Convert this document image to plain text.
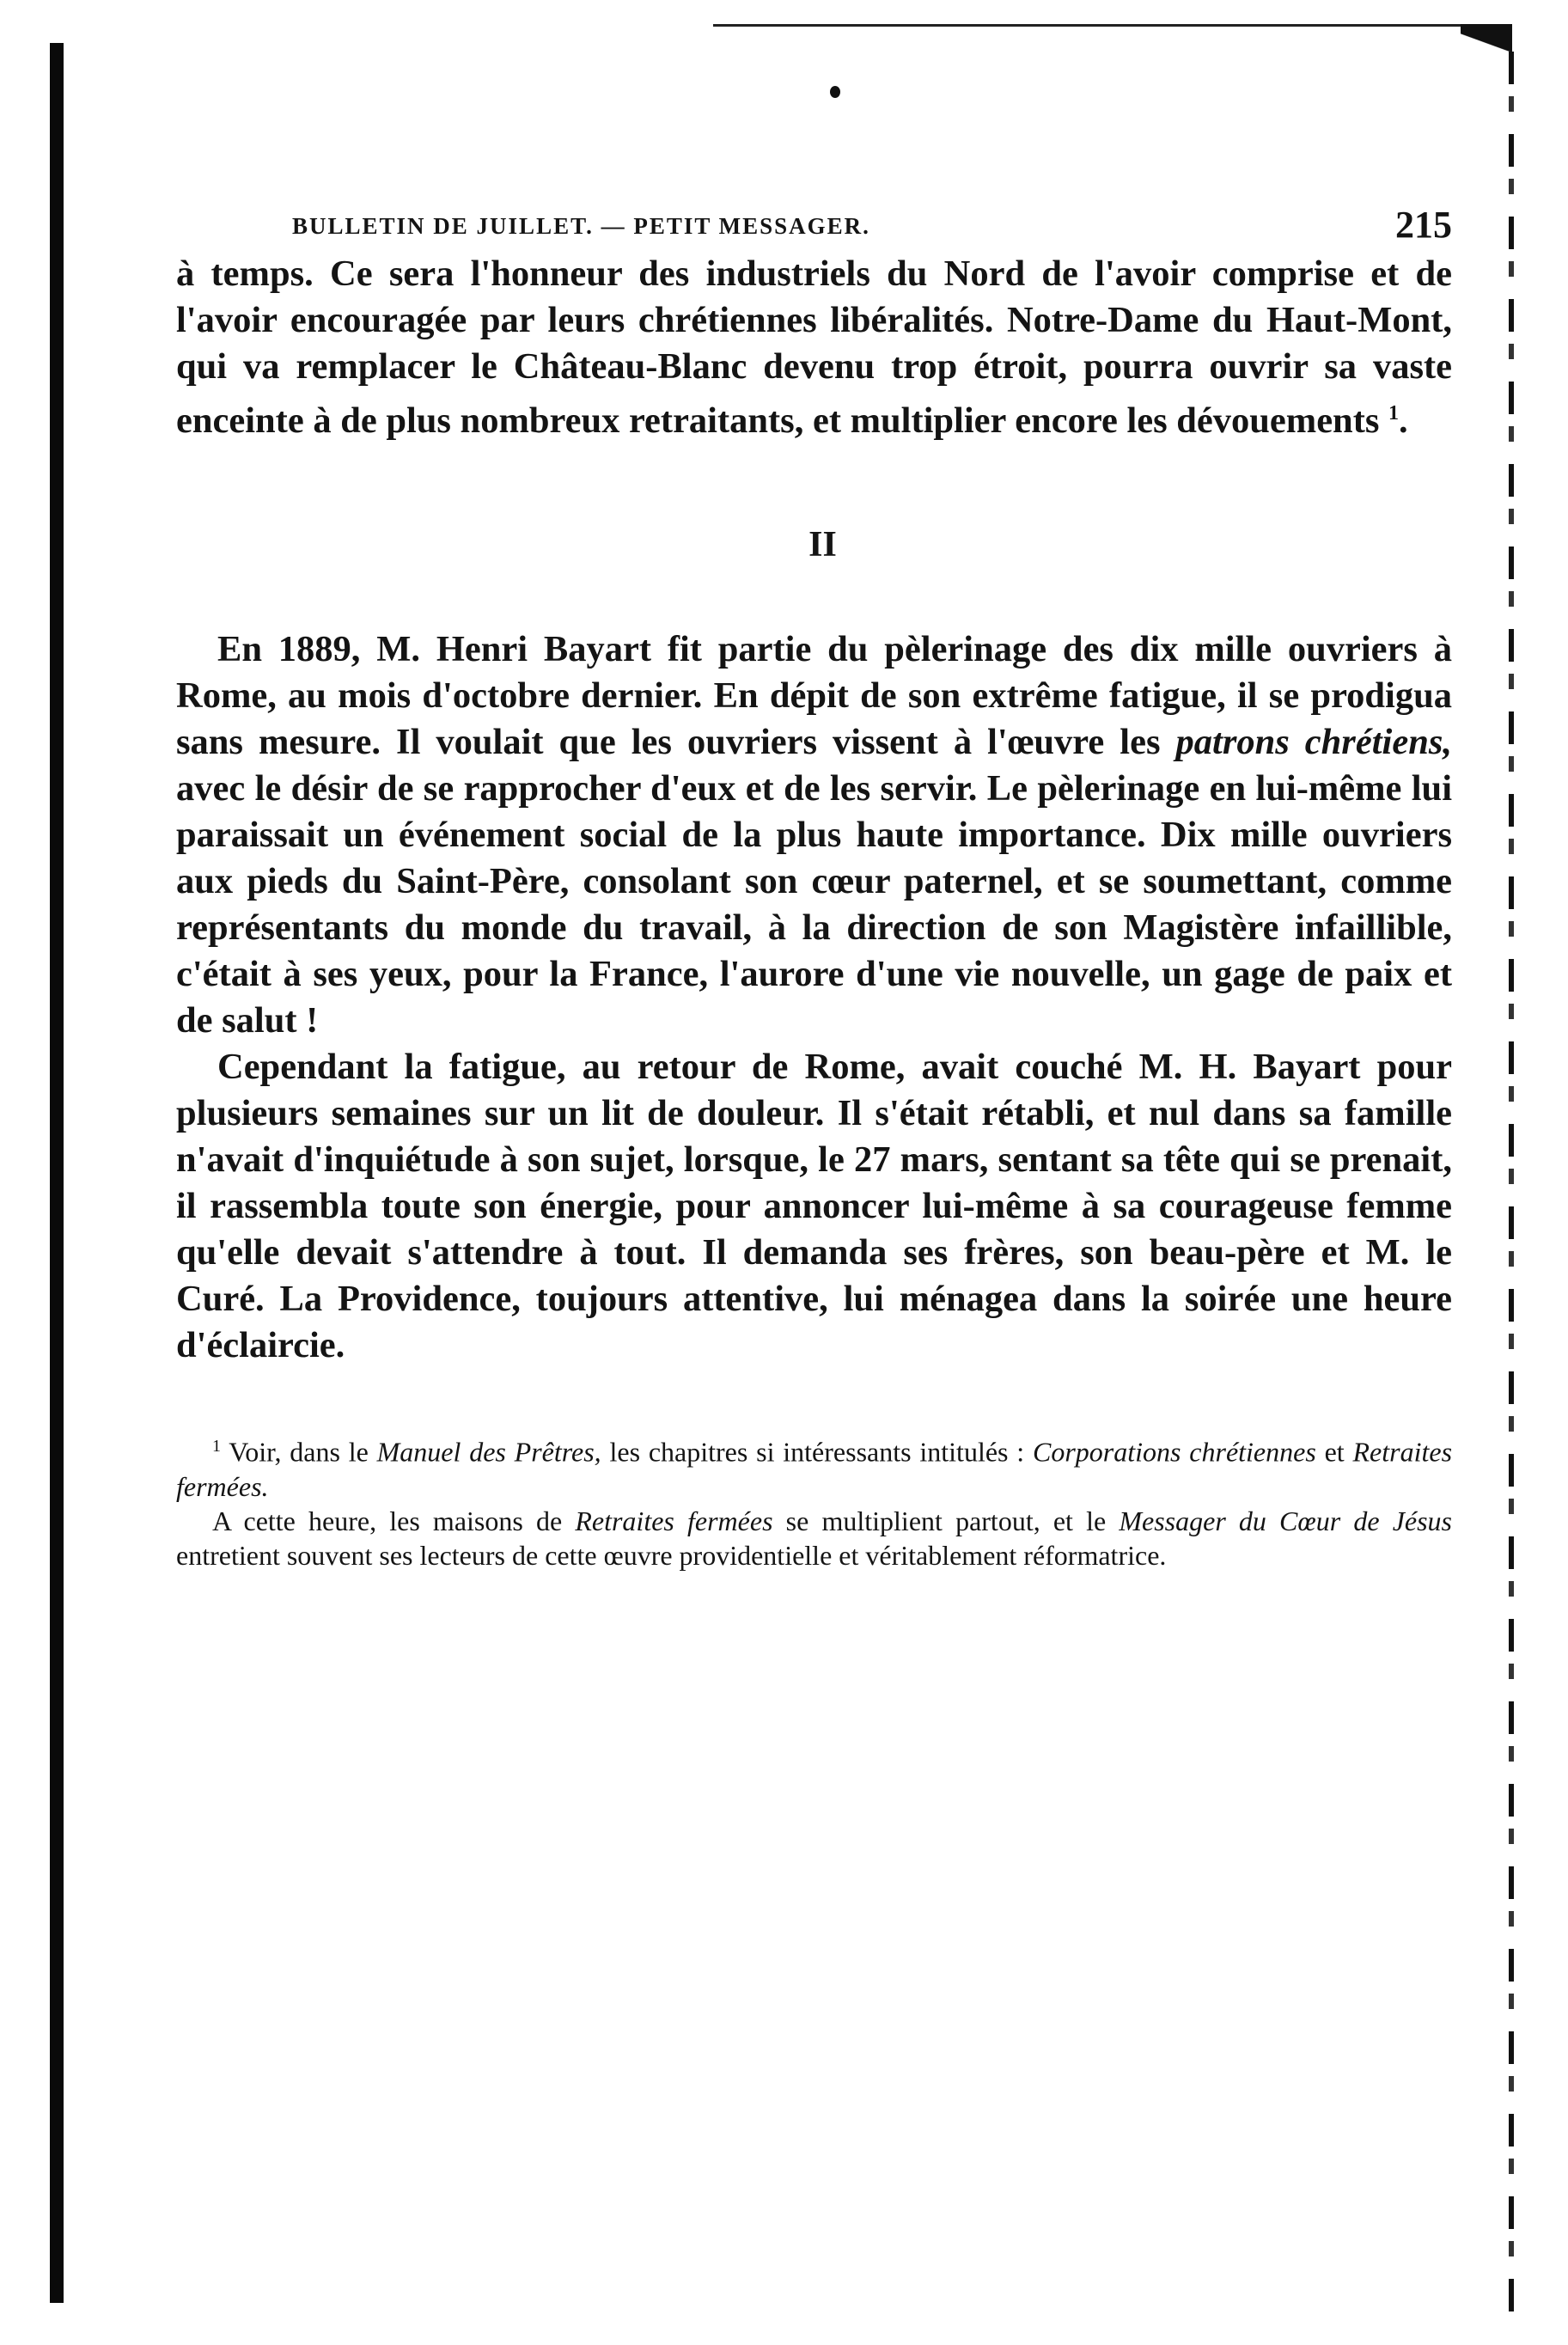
BULLETIN DE JUILLET. — PETIT MESSAGER.	215

à temps. Ce sera l'honneur des industriels du Nord de l'avoir comprise et de l'avoir encouragée par leurs chrétiennes libéralités. Notre-Dame du Haut-Mont, qui va remplacer le Château-Blanc devenu trop étroit, pourra ouvrir sa vaste enceinte à de plus nombreux retraitants, et multiplier encore les dévouements $^1$.

II

En 1889, M. Henri Bayart fit partie du pèlerinage des dix mille ouvriers à Rome, au mois d'octobre dernier. En dépit de son extrême fatigue, il se prodigua sans mesure. Il voulait que les ouvriers vissent à l'œuvre les patrons chrétiens, avec le désir de se rapprocher d'eux et de les servir. Le pèlerinage en lui-même lui paraissait un événement social de la plus haute importance. Dix mille ouvriers aux pieds du Saint-Père, consolant son cœur paternel, et se soumettant, comme représentants du monde du travail, à la direction de son Magistère infaillible, c'était à ses yeux, pour la France, l'aurore d'une vie nouvelle, un gage de paix et de salut !

Cependant la fatigue, au retour de Rome, avait couché M. H. Bayart pour plusieurs semaines sur un lit de douleur. Il s'était rétabli, et nul dans sa famille n'avait d'inquiétude à son sujet, lorsque, le 27 mars, sentant sa tête qui se prenait, il rassembla toute son énergie, pour annoncer lui-même à sa courageuse femme qu'elle devait s'attendre à tout. Il demanda ses frères, son beau-père et M. le Curé. La Providence, toujours attentive, lui ménagea dans la soirée une heure d'éclaircie.

$^1$ Voir, dans le Manuel des Prêtres, les chapitres si intéressants intitulés : Corporations chrétiennes et Retraites fermées.

A cette heure, les maisons de Retraites fermées se multiplient partout, et le Messager du Cœur de Jésus entretient souvent ses lecteurs de cette œuvre providentielle et véritablement réformatrice.
